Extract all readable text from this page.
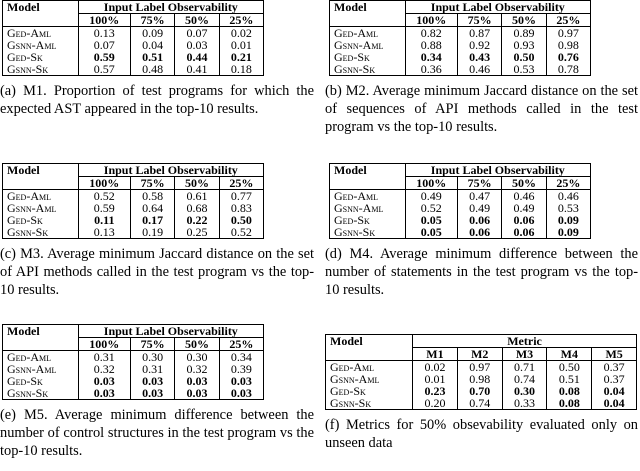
Model	Input Label Observability			
	100%	75%	50%	25%
Ged-Aml	0.13	0.09	0.07	0.02
Gsnn-Aml	0.07	0.04	0.03	0.01
Ged-Sk	0.59	0.51	0.44	0.21
Gsnn-Sk	0.57	0.48	0.41	0.18
(a) M1. Proportion of test programs for which the expected AST appeared in the top-10 results.
Model	Input Label Observability			
	100%	75%	50%	25%
Ged-Aml	0.82	0.87	0.89	0.97
Gsnn-Aml	0.88	0.92	0.93	0.98
Ged-Sk	0.34	0.43	0.50	0.76
Gsnn-Sk	0.36	0.46	0.53	0.78
(b) M2. Average minimum Jaccard distance on the set of sequences of API methods called in the test program vs the top-10 results.
Model	Input Label Observability			
	100%	75%	50%	25%
Ged-Aml	0.52	0.58	0.61	0.77
Gsnn-Aml	0.59	0.64	0.68	0.83
Ged-Sk	0.11	0.17	0.22	0.50
Gsnn-Sk	0.13	0.19	0.25	0.52
(c) M3. Average minimum Jaccard distance on the set of API methods called in the test program vs the top-10 results.
Model	Input Label Observability			
	100%	75%	50%	25%
Ged-Aml	0.49	0.47	0.46	0.46
Gsnn-Aml	0.52	0.49	0.49	0.53
Ged-Sk	0.05	0.06	0.06	0.09
Gsnn-Sk	0.05	0.06	0.06	0.09
(d) M4. Average minimum difference between the number of statements in the test program vs the top-10 results.
Model	Input Label Observability			
	100%	75%	50%	25%
Ged-Aml	0.31	0.30	0.30	0.34
Gsnn-Aml	0.32	0.31	0.32	0.39
Ged-Sk	0.03	0.03	0.03	0.03
Gsnn-Sk	0.03	0.03	0.03	0.03
(e) M5. Average minimum difference between the number of control structures in the test program vs the top-10 results.
Model	Metric				
	M1	M2	M3	M4	M5
Ged-Aml	0.02	0.97	0.71	0.50	0.37
Gsnn-Aml	0.01	0.98	0.74	0.51	0.37
Ged-Sk	0.23	0.70	0.30	0.08	0.04
Gsnn-Sk	0.20	0.74	0.33	0.08	0.04
(f) Metrics for 50% obsevability evaluated only on unseen data
